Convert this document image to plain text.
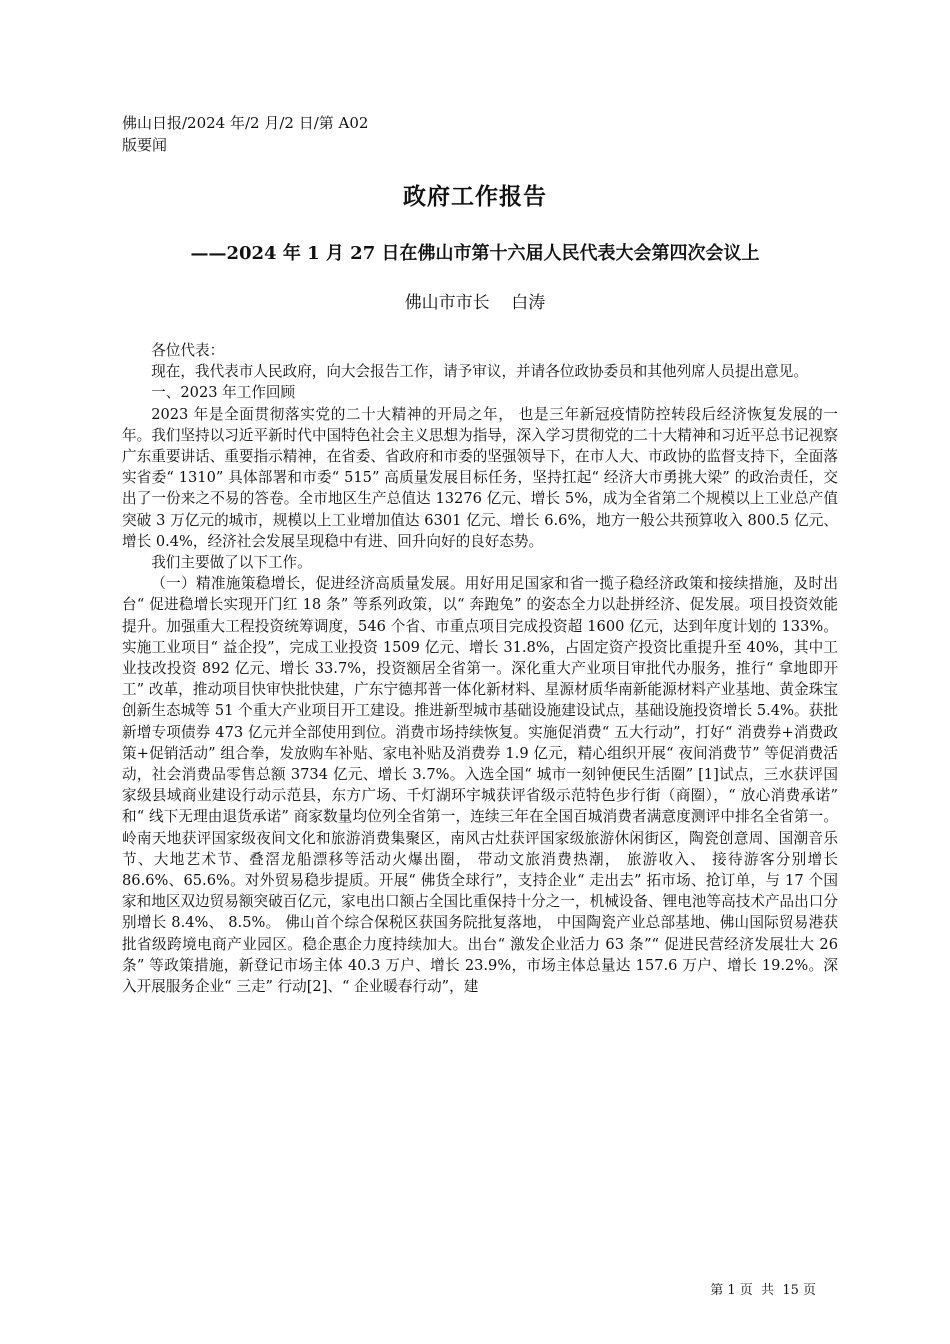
佛山日报/2024 年/2 月/2 日/第 A02
版要闻
政府工作报告
——2024 年 1 月 27 日在佛山市第十六届人民代表大会第四次会议上
佛山市市长    白涛

各位代表：

现在，我代表市人民政府，向大会报告工作，请予审议，并请各位政协委员和其他列席人员提出意见。

一、2023 年工作回顾

2023 年是全面贯彻落实党的二十大精神的开局之年， 也是三年新冠疫情防控转段后经济恢复发展的一年。我们坚持以习近平新时代中国特色社会主义思想为指导，深入学习贯彻党的二十大精神和习近平总书记视察广东重要讲话、重要指示精神，在省委、省政府和市委的坚强领导下，在市人大、市政协的监督支持下，全面落实省委“ 1310” 具体部署和市委“ 515” 高质量发展目标任务，坚持扛起“ 经济大市勇挑大梁” 的政治责任，交出了一份来之不易的答卷。全市地区生产总值达 13276 亿元、增长 5%，成为全省第二个规模以上工业总产值突破 3 万亿元的城市，规模以上工业增加值达 6301 亿元、增长 6.6%，地方一般公共预算收入 800.5 亿元、增长 0.4%，经济社会发展呈现稳中有进、回升向好的良好态势。

我们主要做了以下工作。

（一）精准施策稳增长，促进经济高质量发展。用好用足国家和省一揽子稳经济政策和接续措施，及时出台“ 促进稳增长实现开门红 18 条” 等系列政策，以“ 奔跑兔” 的姿态全力以赴拼经济、促发展。项目投资效能提升。加强重大工程投资统筹调度，546 个省、市重点项目完成投资超 1600 亿元，达到年度计划的 133%。实施工业项目“ 益企投”，完成工业投资 1509 亿元、增长 31.8%，占固定资产投资比重提升至 40%，其中工业技改投资 892 亿元、增长 33.7%，投资额居全省第一。深化重大产业项目审批代办服务，推行“ 拿地即开工” 改革，推动项目快审快批快建，广东宁德邦普一体化新材料、星源材质华南新能源材料产业基地、黄金珠宝创新生态城等 51 个重大产业项目开工建设。推进新型城市基础设施建设试点，基础设施投资增长 5.4%。获批新增专项债券 473 亿元并全部使用到位。消费市场持续恢复。实施促消费“ 五大行动”，打好“ 消费券+消费政策+促销活动” 组合拳，发放购车补贴、家电补贴及消费券 1.9 亿元，精心组织开展“ 夜间消费节” 等促消费活动，社会消费品零售总额 3734 亿元、增长 3.7%。入选全国“ 城市一刻钟便民生活圈” [1]试点，三水获评国家级县域商业建设行动示范县，东方广场、千灯湖环宇城获评省级示范特色步行街（商圈），“ 放心消费承诺” 和“ 线下无理由退货承诺” 商家数量均位列全省第一，连续三年在全国百城消费者满意度测评中排名全省第一。岭南天地获评国家级夜间文化和旅游消费集聚区，南风古灶获评国家级旅游休闲街区，陶瓷创意周、国潮音乐节、大地艺术节、叠滘龙船漂移等活动火爆出圈， 带动文旅消费热潮， 旅游收入、 接待游客分别增长 86.6%、65.6%。对外贸易稳步提质。开展“ 佛货全球行”，支持企业“ 走出去” 拓市场、抢订单，与 17 个国家和地区双边贸易额突破百亿元，家电出口额占全国比重保持十分之一，机械设备、锂电池等高技术产品出口分别增长 8.4%、 8.5%。 佛山首个综合保税区获国务院批复落地， 中国陶瓷产业总部基地、佛山国际贸易港获批省级跨境电商产业园区。稳企惠企力度持续加大。出台“ 激发企业活力 63 条”“ 促进民营经济发展壮大 26 条” 等政策措施，新登记市场主体 40.3 万户、增长 23.9%，市场主体总量达 157.6 万户、增长 19.2%。深入开展服务企业“ 三走” 行动[2]、“ 企业暖春行动”，建

第 1 页  共  15 页
